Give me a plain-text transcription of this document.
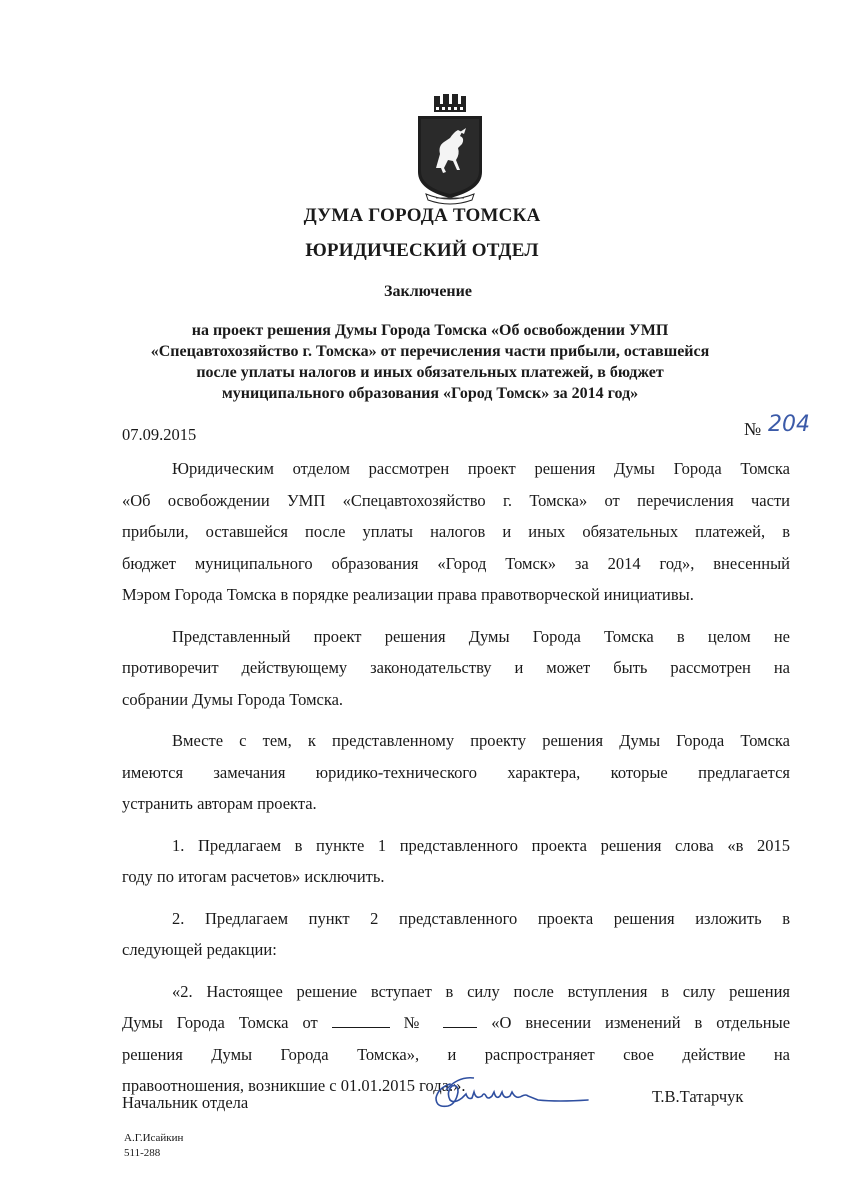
ДУМА ГОРОДА ТОМСКА
ЮРИДИЧЕСКИЙ ОТДЕЛ
Заключение
на проект решения Думы Города Томска «Об освобождении УМП
«Спецавтохозяйство г. Томска» от перечисления части прибыли, оставшейся
после уплаты налогов и иных обязательных платежей, в бюджет
муниципального образования «Город Томск» за 2014 год»
07.09.2015	№ 204

Юридическим отделом рассмотрен проект решения Думы Города Томска
«Об освобождении УМП «Спецавтохозяйство г. Томска» от перечисления части
прибыли, оставшейся после уплаты налогов и иных обязательных платежей, в
бюджет муниципального образования «Город Томск» за 2014 год», внесенный
Мэром Города Томска в порядке реализации права правотворческой инициативы.

Представленный проект решения Думы Города Томска в целом не
противоречит действующему законодательству и может быть рассмотрен на
собрании Думы Города Томска.

Вместе с тем, к представленному проекту решения Думы Города Томска
имеются замечания юридико-технического характера, которые предлагается
устранить авторам проекта.

1. Предлагаем в пункте 1 представленного проекта решения слова «в 2015
году по итогам расчетов» исключить.

2. Предлагаем пункт 2 представленного проекта решения изложить в
следующей редакции:

«2. Настоящее решение вступает в силу после вступления в силу решения
Думы Города Томска от	№	«О внесении изменений в отдельные
решения Думы Города Томска», и распространяет свое действие на
правоотношения, возникшие с 01.01.2015 года.».

Начальник отдела	Т.В.Татарчук
А.Г.Исайкин
511-288
